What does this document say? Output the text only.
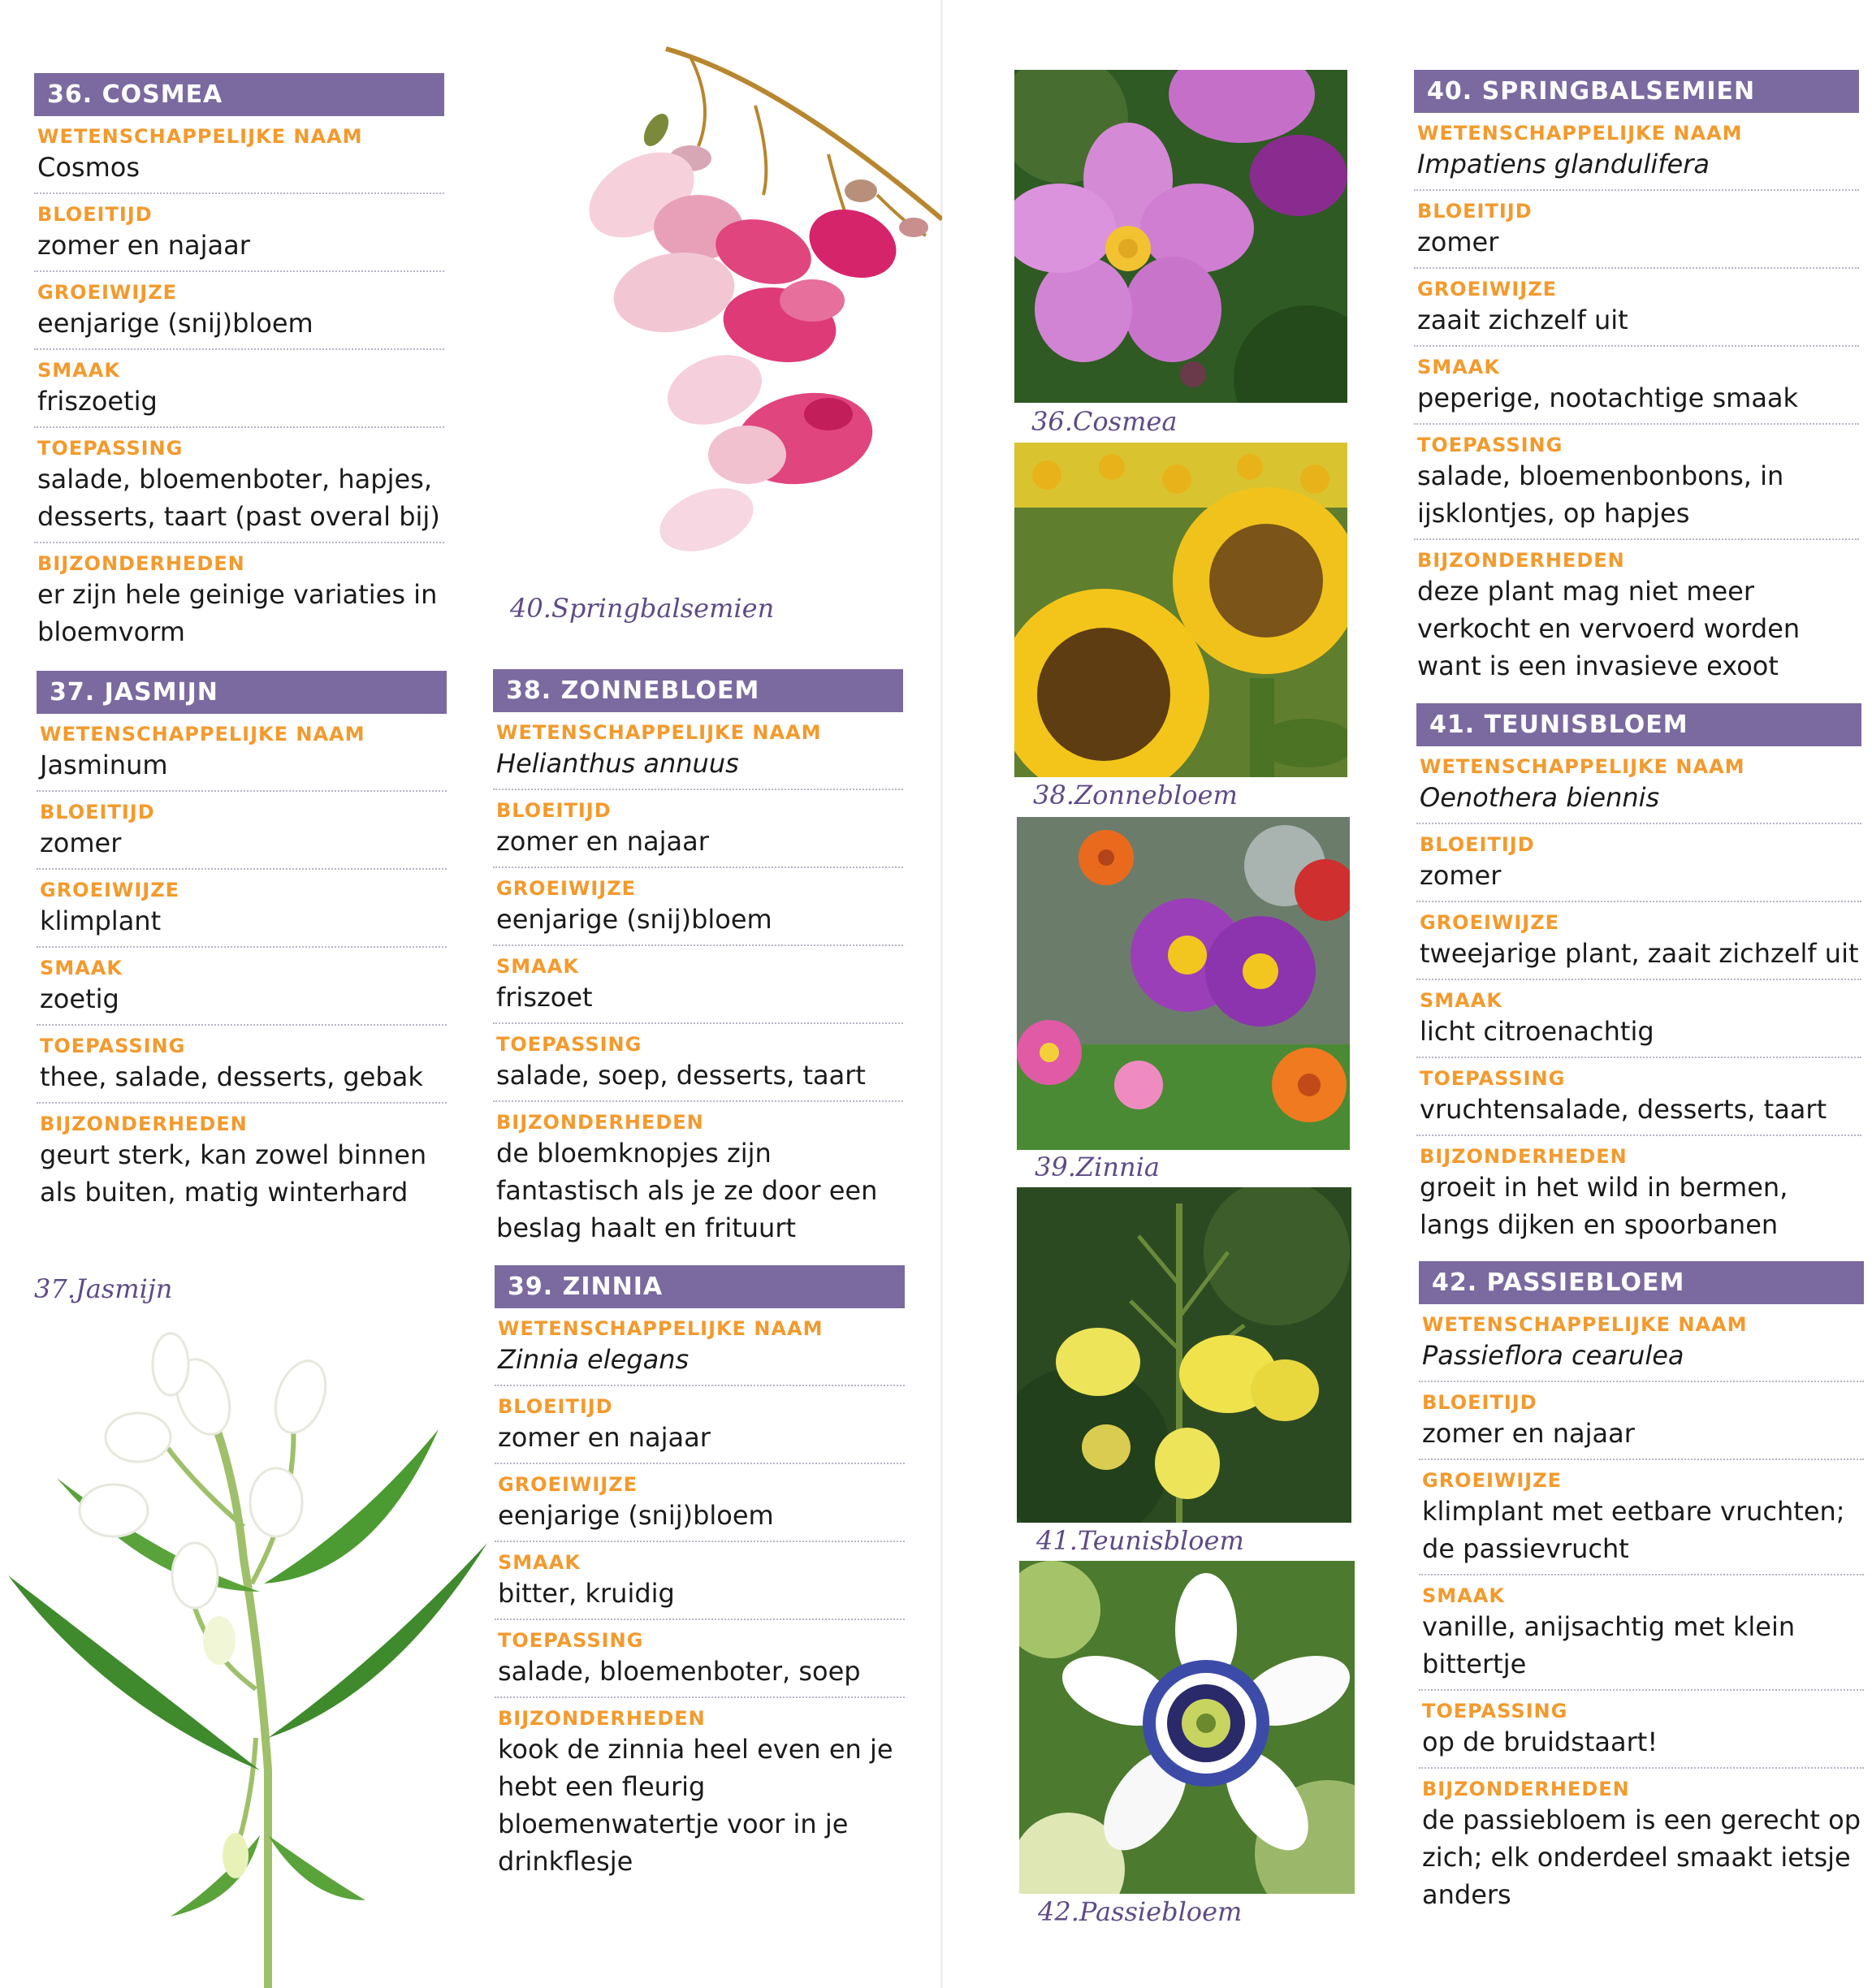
36. COSMEA
WETENSCHAPPELIJKE NAAM
Cosmos
BLOEITIJD
zomer en najaar
GROEIWIJZE
eenjarige (snij)bloem
SMAAK
friszoetig
TOEPASSING
salade, bloemenboter, hapjes, desserts, taart (past overal bij)
BIJZONDERHEDEN
er zijn hele geinige variaties in bloemvorm
37. JASMIJN
WETENSCHAPPELIJKE NAAM
Jasminum
BLOEITIJD
zomer
GROEIWIJZE
klimplant
SMAAK
zoetig
TOEPASSING
thee, salade, desserts, gebak
BIJZONDERHEDEN
geurt sterk, kan zowel binnen als buiten, matig winterhard
38. ZONNEBLOEM
WETENSCHAPPELIJKE NAAM
Helianthus annuus
BLOEITIJD
zomer en najaar
GROEIWIJZE
eenjarige (snij)bloem
SMAAK
friszoet
TOEPASSING
salade, soep, desserts, taart
BIJZONDERHEDEN
de bloemknopjes zijn fantastisch als je ze door een beslag haalt en frituurt
39. ZINNIA
WETENSCHAPPELIJKE NAAM
Zinnia elegans
BLOEITIJD
zomer en najaar
GROEIWIJZE
eenjarige (snij)bloem
SMAAK
bitter, kruidig
TOEPASSING
salade, bloemenboter, soep
BIJZONDERHEDEN
kook de zinnia heel even en je hebt een fleurig bloemenwatertje voor in je drinkflesje
40. SPRINGBALSEMIEN
WETENSCHAPPELIJKE NAAM
Impatiens glandulifera
BLOEITIJD
zomer
GROEIWIJZE
zaait zichzelf uit
SMAAK
peperige, nootachtige smaak
TOEPASSING
salade, bloemenbonbons, in ijsklontjes, op hapjes
BIJZONDERHEDEN
deze plant mag niet meer verkocht en vervoerd worden want is een invasieve exoot
41. TEUNISBLOEM
WETENSCHAPPELIJKE NAAM
Oenothera biennis
BLOEITIJD
zomer
GROEIWIJZE
tweejarige plant, zaait zichzelf uit
SMAAK
licht citroenachtig
TOEPASSING
vruchtensalade, desserts, taart
BIJZONDERHEDEN
groeit in het wild in bermen, langs dijken en spoorbanen
42. PASSIEBLOEM
WETENSCHAPPELIJKE NAAM
Passieflora cearulea
BLOEITIJD
zomer en najaar
GROEIWIJZE
klimplant met eetbare vruchten; de passievrucht
SMAAK
vanille, anijsachtig met klein bittertje
TOEPASSING
op de bruidstaart!
BIJZONDERHEDEN
de passiebloem is een gerecht op zich; elk onderdeel smaakt ietsje anders
40.Springbalsemien
37.Jasmijn
36.Cosmea
38.Zonnebloem
39.Zinnia
41.Teunisbloem
42.Passiebloem
